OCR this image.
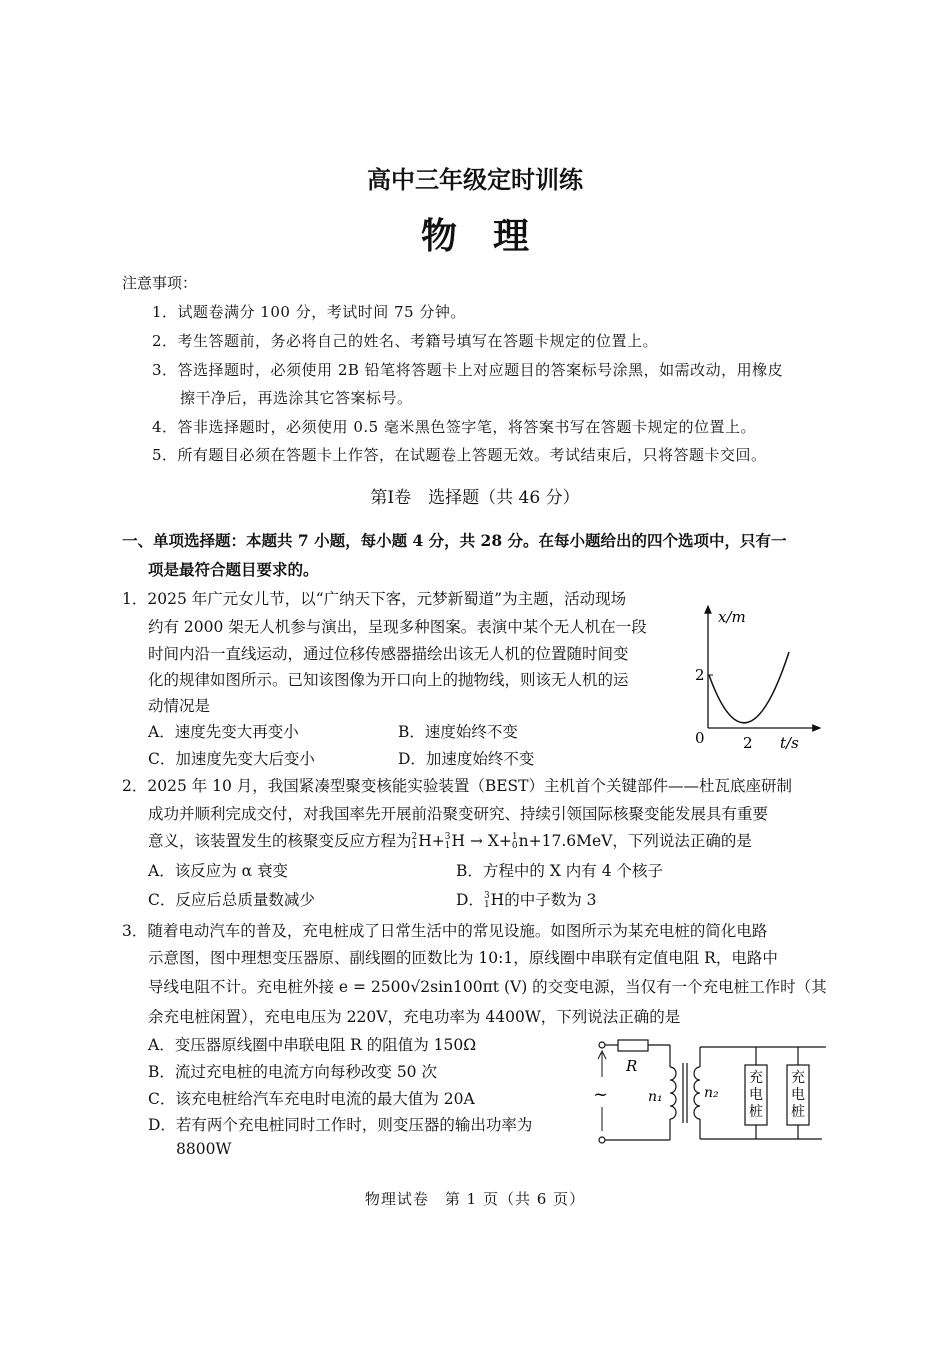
高中三年级定时训练
物理
注意事项：
1．试题卷满分 100 分，考试时间 75 分钟。
2．考生答题前，务必将自己的姓名、考籍号填写在答题卡规定的位置上。
3．答选择题时，必须使用 2B 铅笔将答题卡上对应题目的答案标号涂黑，如需改动，用橡皮
擦干净后，再选涂其它答案标号。
4．答非选择题时，必须使用 0.5 毫米黑色签字笔，将答案书写在答题卡规定的位置上。
5．所有题目必须在答题卡上作答，在试题卷上答题无效。考试结束后，只将答题卡交回。
第Ⅰ卷　选择题（共 46 分）
一、单项选择题：本题共 7 小题，每小题 4 分，共 28 分。在每小题给出的四个选项中，只有一
项是最符合题目要求的。
1．2025 年广元女儿节，以“广纳天下客，元梦新蜀道”为主题，活动现场
约有 2000 架无人机参与演出，呈现多种图案。表演中某个无人机在一段
时间内沿一直线运动，通过位移传感器描绘出该无人机的位置随时间变
化的规律如图所示。已知该图像为开口向上的抛物线，则该无人机的运
动情况是
A．速度先变大再变小	B．速度始终不变
C．加速度先变大后变小	D．加速度始终不变
x/m
t/s
0
2
2
2．2025 年 10 月，我国紧凑型聚变核能实验装置（BEST）主机首个关键部件——杜瓦底座研制
成功并顺利完成交付，对我国率先开展前沿聚变研究、持续引领国际核聚变能发展具有重要
意义，该装置发生的核聚变反应方程为 2
1 H+ 3
1 H → X+ 1
0 n+17.6MeV，下列说法正确的是
A．该反应为 α 衰变	B．方程中的 X 内有 4 个核子
C．反应后总质量数减少	D． 3
1 H的中子数为 3
3．随着电动汽车的普及，充电桩成了日常生活中的常见设施。如图所示为某充电桩的简化电路
示意图，图中理想变压器原、副线圈的匝数比为 10:1，原线圈中串联有定值电阻 R，电路中
导线电阻不计。充电桩外接 e = 2500√2sin100πt (V) 的交变电源，当仅有一个充电桩工作时（其
余充电桩闲置），充电电压为 220V，充电功率为 4400W，下列说法正确的是
A．变压器原线圈中串联电阻 R 的阻值为 150Ω
B．流过充电桩的电流方向每秒改变 50 次
C．该充电桩给汽车充电时电流的最大值为 20A
D．若有两个充电桩同时工作时，则变压器的输出功率为
8800W
~
R
n₁	n₂
充电桩
充电桩
物理试卷　第 1 页（共 6 页）
